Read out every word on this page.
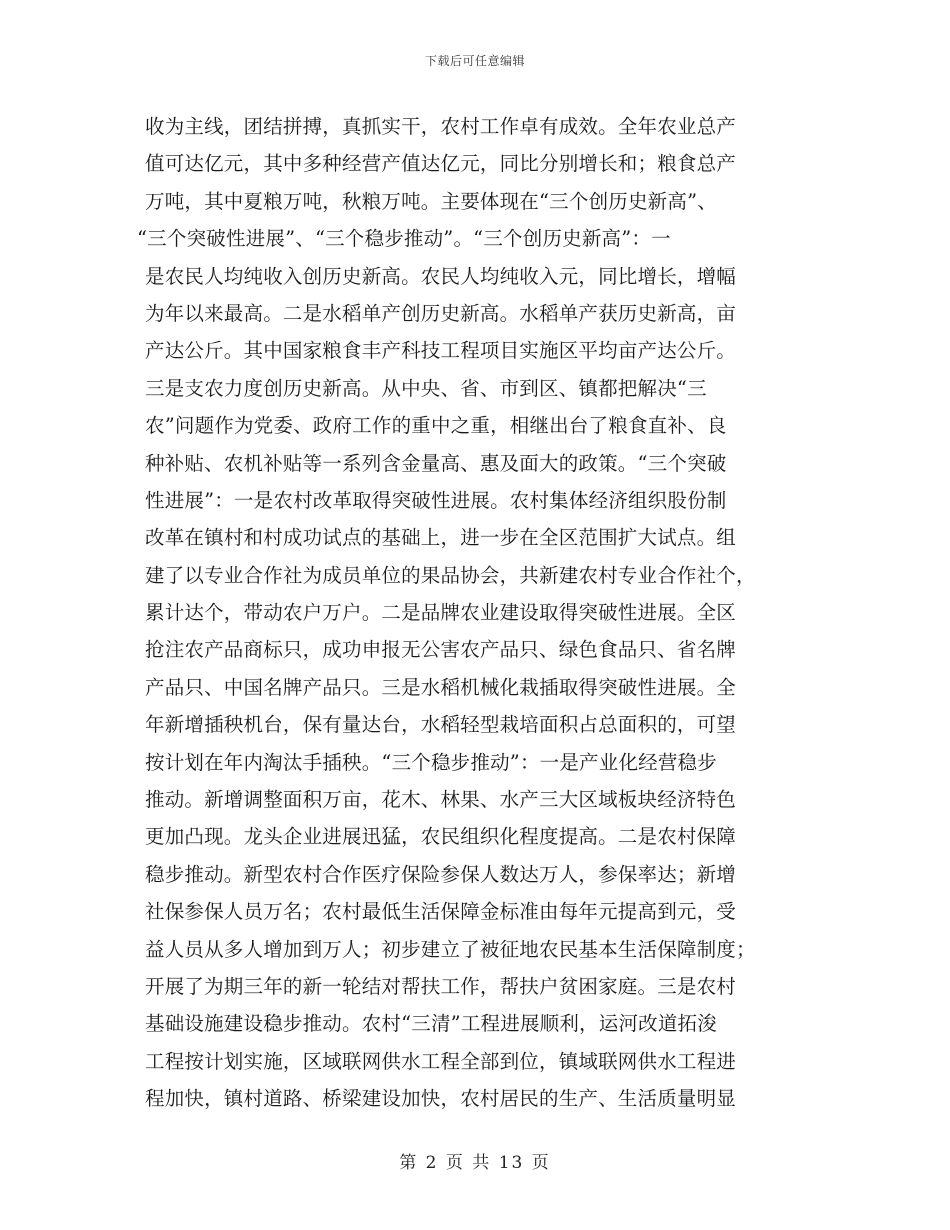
下载后可任意编辑
收为主线，团结拼搏，真抓实干，农村工作卓有成效。全年农业总产
值可达亿元，其中多种经营产值达亿元，同比分别增长和；粮食总产
万吨，其中夏粮万吨，秋粮万吨。主要体现在“三个创历史新高”、
“三个突破性进展”、“三个稳步推动”。“三个创历史新高”：一
是农民人均纯收入创历史新高。农民人均纯收入元，同比增长，增幅
为年以来最高。二是水稻单产创历史新高。水稻单产获历史新高，亩
产达公斤。其中国家粮食丰产科技工程项目实施区平均亩产达公斤。
三是支农力度创历史新高。从中央、省、市到区、镇都把解决“三
农”问题作为党委、政府工作的重中之重，相继出台了粮食直补、良
种补贴、农机补贴等一系列含金量高、惠及面大的政策。“三个突破
性进展”：一是农村改革取得突破性进展。农村集体经济组织股份制
改革在镇村和村成功试点的基础上，进一步在全区范围扩大试点。组
建了以专业合作社为成员单位的果品协会，共新建农村专业合作社个，
累计达个，带动农户万户。二是品牌农业建设取得突破性进展。全区
抢注农产品商标只，成功申报无公害农产品只、绿色食品只、省名牌
产品只、中国名牌产品只。三是水稻机械化栽插取得突破性进展。全
年新增插秧机台，保有量达台，水稻轻型栽培面积占总面积的，可望
按计划在年内淘汰手插秧。“三个稳步推动”：一是产业化经营稳步
推动。新增调整面积万亩，花木、林果、水产三大区域板块经济特色
更加凸现。龙头企业进展迅猛，农民组织化程度提高。二是农村保障
稳步推动。新型农村合作医疗保险参保人数达万人，参保率达；新增
社保参保人员万名；农村最低生活保障金标准由每年元提高到元，受
益人员从多人增加到万人；初步建立了被征地农民基本生活保障制度；
开展了为期三年的新一轮结对帮扶工作，帮扶户贫困家庭。三是农村
基础设施建设稳步推动。农村“三清”工程进展顺利，运河改道拓浚
工程按计划实施，区域联网供水工程全部到位，镇域联网供水工程进
程加快，镇村道路、桥梁建设加快，农村居民的生产、生活质量明显
第 2 页 共 13 页
